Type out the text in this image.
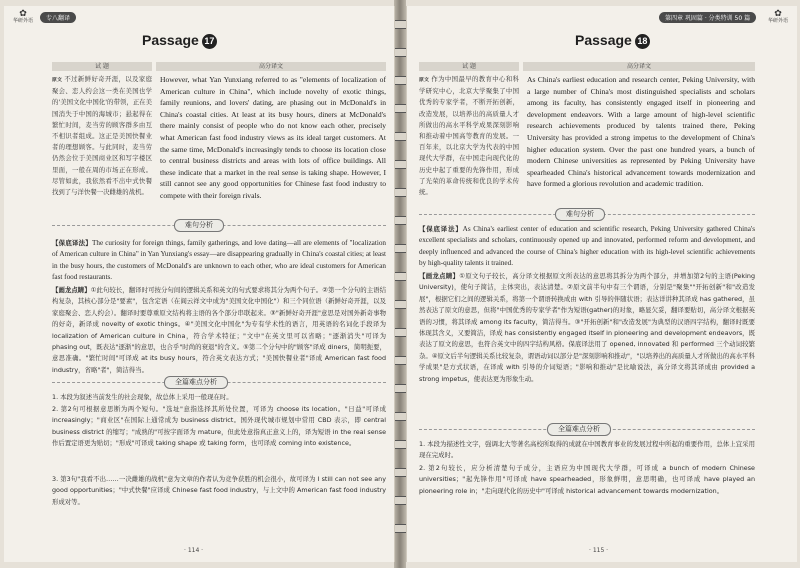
✿
华研外语	专八翻译
Passage 17
试 题	高分译文
原文 不过新鲜好奇开涯，以及家庭聚会、恋人约会这一类在美国也学的'美国文化中国化'的带领，正在美国消失于中国的海城市；悬起得在繁忙时间，麦当劳的顾客群多由互不相识者组成。这正是美国快餐业者的理想顾客。与此同时，麦当劳仍然会位于美国商业区和写字楼区里面，一般在周的市场正在形成。尽管如此，我依然看不出中式快餐找到了与洋快餐一决雌雄的战机。
However, what Yan Yunxiang referred to as "elements of localization of American culture in China", which include novelty of exotic things, family reunions, and lovers' dating, are phasing out in McDonald's in China's coastal cities. At least at its busy hours, diners at McDonald's there mainly consist of people who do not know each other, precisely what American fast food industry views as its ideal target customers. At the same time, McDonald's increasingly tends to choose its location close to central business districts and areas with lots of office buildings. All these indicate that a market in the real sense is taking shape. However, I still cannot see any good opportunities for Chinese fast food industry to compete with their foreign rivals.
难句分析
【保底译法】The curiosity for foreign things, family gatherings, and love dating—all are elements of "localization of American culture in China" in Yan Yunxiang's essay—are disappearing gradually in China's coastal cities; at least in the busy hours, the customers of McDonald's are unknown to each other, who are ideal customers for American fast food restaurants.
【画龙点睛】①此句较长，翻译时可按分句间的逻辑关系和英文的句式要求将其分为两个句子。②第一个分句的主语结构复杂，其核心部分是"要素"，包含定语（在阎云祥文中成为"美国文化中国化"）和三个同位语（新鲜好奇开涯，以及家庭聚会、恋人约会）。翻译时要尊重原文结构将主语的各个部分串联起来。③"新鲜好奇开涯"意思是对国外新奇事物的好奇，新译成 novelty of exotic things。④"美国文化中国化"为专有学术性的语言，用英语的名词化手段译为 localization of American culture in China，符合学术特征；"文中"在英文里可以省略；"逐渐消失"可译为 phasing out，既表达"逐渐"的意思，也合乎"时尚的衰退"的含义。⑤第二个分句中的"顾客"译成 diners，简明扼要，意思准确。"繁忙时间"可译成 at its busy hours，符合英文表达方式；"美国快餐业者"译成 American fast food industry，省略"者"，简洁得当。
全篇难点分析
1. 本段为叙述当前发生的社会现象，故总体上采用一般现在时。
2. 第2句可根据意思断为两个短句。"选址"意指选择其所处位置，可译为 choose its location。"日益"可译成 increasingly；"商业区"在国际上通常成为 business district。国外现代城市规划中常用 CBD 表示，即 central business district 的缩写；"成熟的"可按字面译为 mature，但此处意指真正意义上的，译为短语 in the real sense 作后置定语更为贴切；"形成"可译成 taking shape 或 taking form，也可译成 coming into existence。
3. 第3句"我看不出……一决雌雄的战机"意为文章的作者认为竞争获胜的机会很小，故可译为 I still can not see any good opportunities；"中式快餐"应译成 Chinese fast food industry，与上文中的 American fast food industry 形成对等。
· 114 ·
第四章 巩固篇 · 分类特训 50 篇	✿
华研外语
Passage 18
试 题	高分译文
原文 作为中国最早的教育中心和科学研究中心，北京大学聚集了中国优秀的专家学者，不断开拓创新，改造发展，以培养出的高质量人才所做出的高水平科学成果深刻影响和推动着中国高等教育的发展。一百年来，以北京大学为代表的中国现代大学群，在中国走向现代化的历史中起了重要的先锋作用，形成了光荣的革命传统和优良的学术传统。
As China's earliest education and research center, Peking University, with a large number of China's most distinguished specialists and scholars among its faculty, has consistently engaged itself in pioneering and development endeavors. With a large amount of high-level scientific research achievements produced by talents trained there, Peking University has provided a strong impetus to the development of China's higher education system. Over the past one hundred years, a bunch of modern Chinese universities as represented by Peking University have spearheaded China's historical advancement towards modernization and have formed a glorious revolution and academic tradition.
难句分析
【保底译法】As China's earliest center of education and scientific research, Peking University gathered China's excellent specialists and scholars, continuously opened up and innovated, performed reform and development, and deeply influenced and advanced the course of China's higher education with its high-level scientific achievements by high-quality talents it trained.
【画龙点睛】①原文句子较长，高分译文根据原文所表达的意思将其拆分为两个部分，并增加第2句的主语(Peking University)，使句子简洁，主体突出，表达清楚。②原文前半句中有三个谓语，分别是"聚集""开拓创新"和"改造发展"，根据它们之间的逻辑关系，将第一个谓语转换成由 with 引导的伴随状语；表达详讲种其译成 has gathered，虽然表达了原文的意思，但将"中国优秀的专家学者"作为短语(gather)的对象，略显欠妥，翻译要贴切，高分译文根据英语的习惯，将其译成 among its faculty，简洁得当。③"开拓创新"和"改造发展"为典型的汉语四字结构，翻译时既要体现其含义，又要简洁，译成 has consistently engaged itself in pioneering and development endeavors，既表达了原文的意思，也符合英文中的四字结构风格。保底译法用了 opened, innovated 和 performed 三个动词较繁杂。④原文后半句逻辑关系比较复杂，谓语动词以部分是"深刻影响和推动"，"以培养出的高质量人才所做出的高水平科学成果"是方式状语，在译成 with 引导的介词短语；"影响和推动"是比喻说法，高分译文将其译成由 provided a strong impetus，使表达更为形象生动。
全篇难点分析
1. 本段为描述性文字，强调北大等著名高校所取得的成就在中国教育事业的发展过程中所起的重要作用，总体上宜采用现在完成时。
2. 第2句较长，应分析清楚句子成分，主语应为中国现代大学群，可译成 a bunch of modern Chinese universities；"起先锋作用"可译成 have spearheaded，形象鲜明，意思明确，也可译成 have played an pioneering role in；"走向现代化的历史中"可译成 historical advancement towards modernization。
· 115 ·
